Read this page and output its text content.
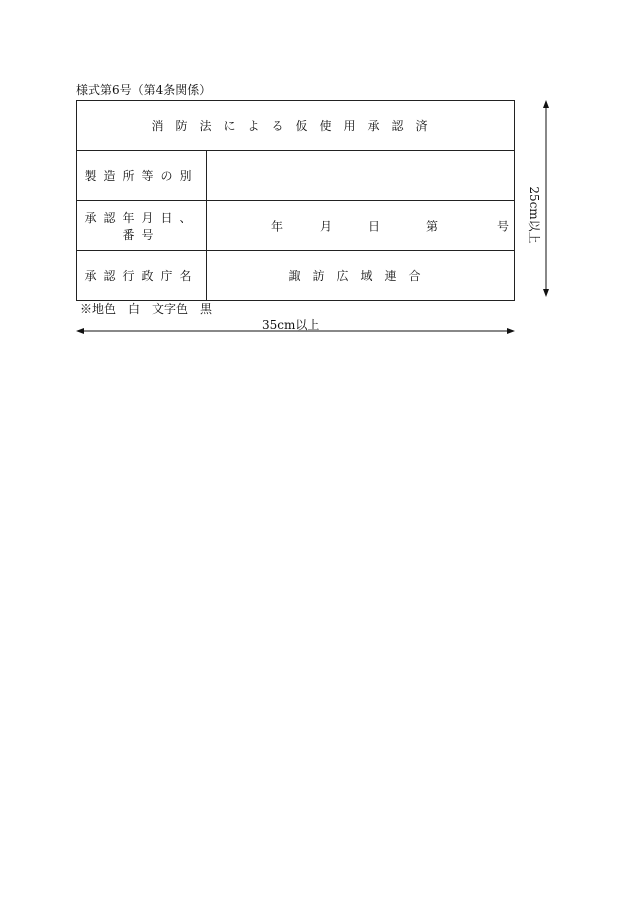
様式第6号（第4条関係）
消防法による仮使用承認済	
製造所等の別	
承認年月日、番号	年 月 日 第 号

承認行政庁名	諏訪広域連合
※地色　白　文字色　黒
35cm以上
25cm以上
